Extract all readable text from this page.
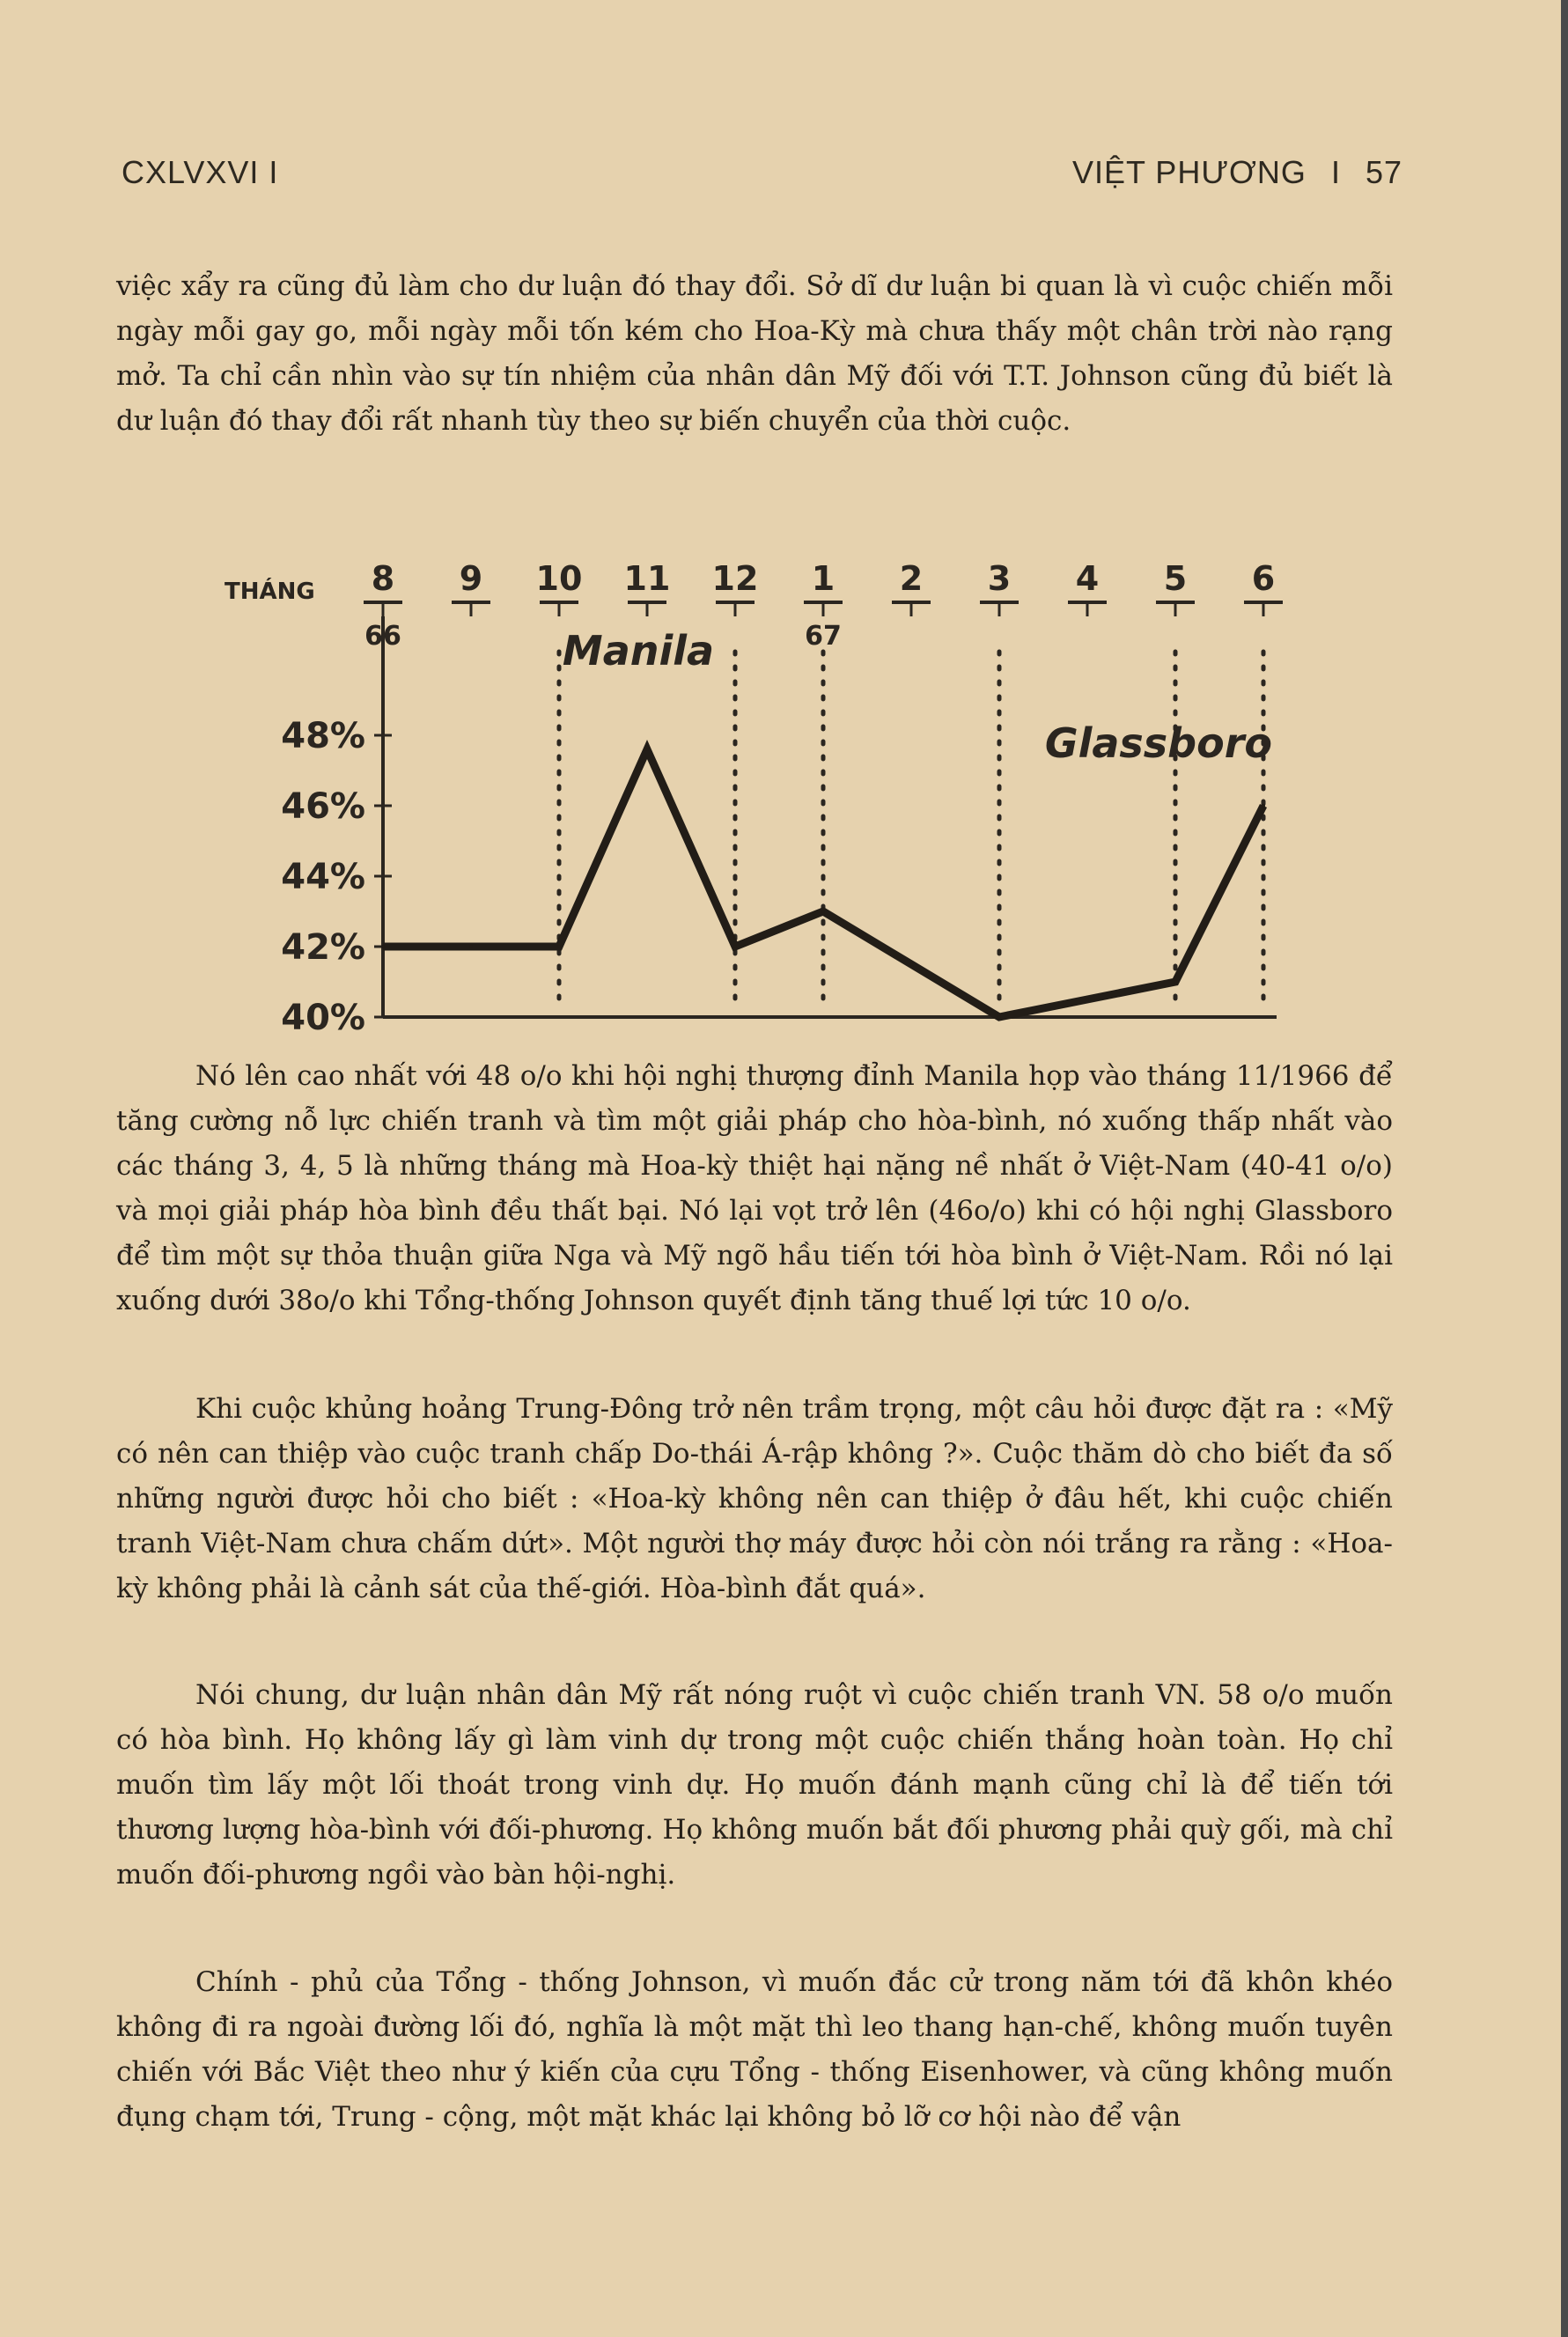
CXLVXVI I	VIỆT PHƯƠNG I 57

việc xẩy ra cũng đủ làm cho dư luận đó thay đổi. Sở dĩ dư luận bi quan là vì cuộc chiến mỗi ngày mỗi gay go, mỗi ngày mỗi tốn kém cho Hoa-Kỳ mà chưa thấy một chân trời nào rạng mở. Ta chỉ cần nhìn vào sự tín nhiệm của nhân dân Mỹ đối với T.T. Johnson cũng đủ biết là dư luận đó thay đổi rất nhanh tùy theo sự biến chuyển của thời cuộc.

THÁNG 8 9 10 11 12 1 2 3 4 5 6
66	67
48%
46%
44%
42%
40%
Manila
Glassboro

Nó lên cao nhất với 48 o/o khi hội nghị thượng đỉnh Manila họp vào tháng 11/1966 để tăng cường nỗ lực chiến tranh và tìm một giải pháp cho hòa-bình, nó xuống thấp nhất vào các tháng 3, 4, 5 là những tháng mà Hoa-kỳ thiệt hại nặng nề nhất ở Việt-Nam (40-41 o/o) và mọi giải pháp hòa bình đều thất bại. Nó lại vọt trở lên (46o/o) khi có hội nghị Glassboro để tìm một sự thỏa thuận giữa Nga và Mỹ ngõ hầu tiến tới hòa bình ở Việt-Nam. Rồi nó lại xuống dưới 38o/o khi Tổng-thống Johnson quyết định tăng thuế lợi tức 10 o/o.

Khi cuộc khủng hoảng Trung-Đông trở nên trầm trọng, một câu hỏi được đặt ra : «Mỹ có nên can thiệp vào cuộc tranh chấp Do-thái Á-rập không ?». Cuộc thăm dò cho biết đa số những người được hỏi cho biết : «Hoa-kỳ không nên can thiệp ở đâu hết, khi cuộc chiến tranh Việt-Nam chưa chấm dứt». Một người thợ máy được hỏi còn nói trắng ra rằng : «Hoa-kỳ không phải là cảnh sát của thế-giới. Hòa-bình đắt quá».

Nói chung, dư luận nhân dân Mỹ rất nóng ruột vì cuộc chiến tranh VN. 58 o/o muốn có hòa bình. Họ không lấy gì làm vinh dự trong một cuộc chiến thắng hoàn toàn. Họ chỉ muốn tìm lấy một lối thoát trong vinh dự. Họ muốn đánh mạnh cũng chỉ là để tiến tới thương lượng hòa-bình với đối-phương. Họ không muốn bắt đối phương phải quỳ gối, mà chỉ muốn đối-phương ngồi vào bàn hội-nghị.

Chính - phủ của Tổng - thống Johnson, vì muốn đắc cử trong năm tới đã khôn khéo không đi ra ngoài đường lối đó, nghĩa là một mặt thì leo thang hạn-chế, không muốn tuyên chiến với Bắc Việt theo như ý kiến của cựu Tổng - thống Eisenhower, và cũng không muốn đụng chạm tới, Trung - cộng, một mặt khác lại không bỏ lỡ cơ hội nào để vận
